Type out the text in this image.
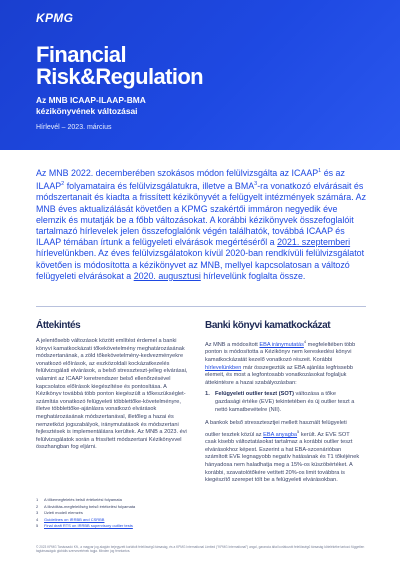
KPMG
Financial
Risk&Regulation
Az MNB ICAAP-ILAAP-BMA
kézikönyvének változásai
Hírlevél – 2023. március
Az MNB 2022. decemberében szokásos módon felülvizsgálta az ICAAP$^1$ és az ILAAP$^2$ folyamataira és felülvizsgálatukra, illetve a BMA$^3$-ra vonatkozó elvárásait és módszertanait és kiadta a frissített kézikönyvét a felügyelt intézmények számára. Az MNB éves aktualizálását követően a KPMG szakértői immáron negyedik éve elemzik és mutatják be a főbb változásokat. A korábbi kézikönyvek összefoglalóit tartalmazó hírlevelek jelen összefoglalónk végén találhatók, továbbá ICAAP és ILAAP témában írtunk a felügyeleti elvárások megértéséről a 2021. szeptemberi hírlevelünkben. Az éves felülvizsgálatokon kívül 2020-ban rendkívüli felülvizsgálatot követően is módosította a kézikönyvet az MNB, mellyel kapcsolatosan a változó felügyeleti elvárásokat a 2020. augusztusi hírlevelünk foglalta össze.
Áttekintés
A jelentősebb változások között említést érdemel a banki könyvi kamatkockázati tőkekövetelmény meghatározásának módszertanának, a zöld tőkekövetelmény-kedvezményekre vonatkozó előírások, az eszközoldali kockázatkezelés felülvizsgálati elvárások, a belső stresszteszt-jelleg elvárásai, valamint az ICAAP keretrendszer belső ellenőrzésével kapcsolatos előírások kiegészítése és pontosítása. A Kézikönyv továbbá több ponton kiegészült a tőkeszükséglet-számítás vonatkozó felügyeleti többlettőke-követelményre, illetve többlettőke-ajánlásra vonatkozó elvárások meghatározásának módszertanával, illetőleg a hazai és nemzetközi jogszabályok, iránymutatások és módszertani fejlesztések is implementálásra kerültek. Az MNB a 2023. évi felülvizsgálatok során a frissített módszertani Kézikönyvvel összhangban fog eljárni.
Banki könyvi kamatkockázat
Az MNB a módosított EBA iránymutatás$^4$ megfeleltében több ponton is módosította a Kézikönyv nem kereskedési könyvi kamatkockázatát kezelő vonatkozó részeit. Korábbi hírlevelünkben már összegeztük az EBA ajánlás legfrissebb elemeit, és most a legfontosabb vonatkozásokat foglaljuk áttekintésre a hazai szabályozásban:
1. Felügyeleti outlier teszt (SOT) változása a tőke gazdasági értéke (EVE) tekintetében és új outlier teszt a nettó kamatbevételre (NII).
A bankok belső stressztesztjei mellett használt felügyeleti outlier tesztek közül az EBA anyagba$^5$ került. Az EVE SOT csak kisebb változtatásokat tartalmaz a korábbi outlier teszt elvárásokhoz képest. Eszerint a hat EBA-szcenárióban számított EVE legnagyobb negatív hatásának és T1 tőkéjének hányadosa nem haladhatja meg a 15%-os küszöbértéket. A korábbi, szavatolótőkére vetített 20%-os limit továbbra is kiegészítő szerepet tölt be a felügyeleti elvárásokban.
1	A tőkemegfelelés belső értékelési folyamata
2	A likviditás-megfelelőség belső értékelési folyamata
3	Üzleti modell elemzés
4	Guidelines on IRRBB and CSRBB
5	Final draft RTS on IRRBB supervisory outlier tests
© 2023 KPMG Tanácsadó Kft., a magyar jog alapján bejegyzett korlátolt felelősségű társaság, és a KPMG International Limited ("KPMG International") angol, garancia által korlátozott felelősségű társaság kötelékébe tartozó független tagtársaságok globális szervezetének tagja. Minden jog fenntartva.
